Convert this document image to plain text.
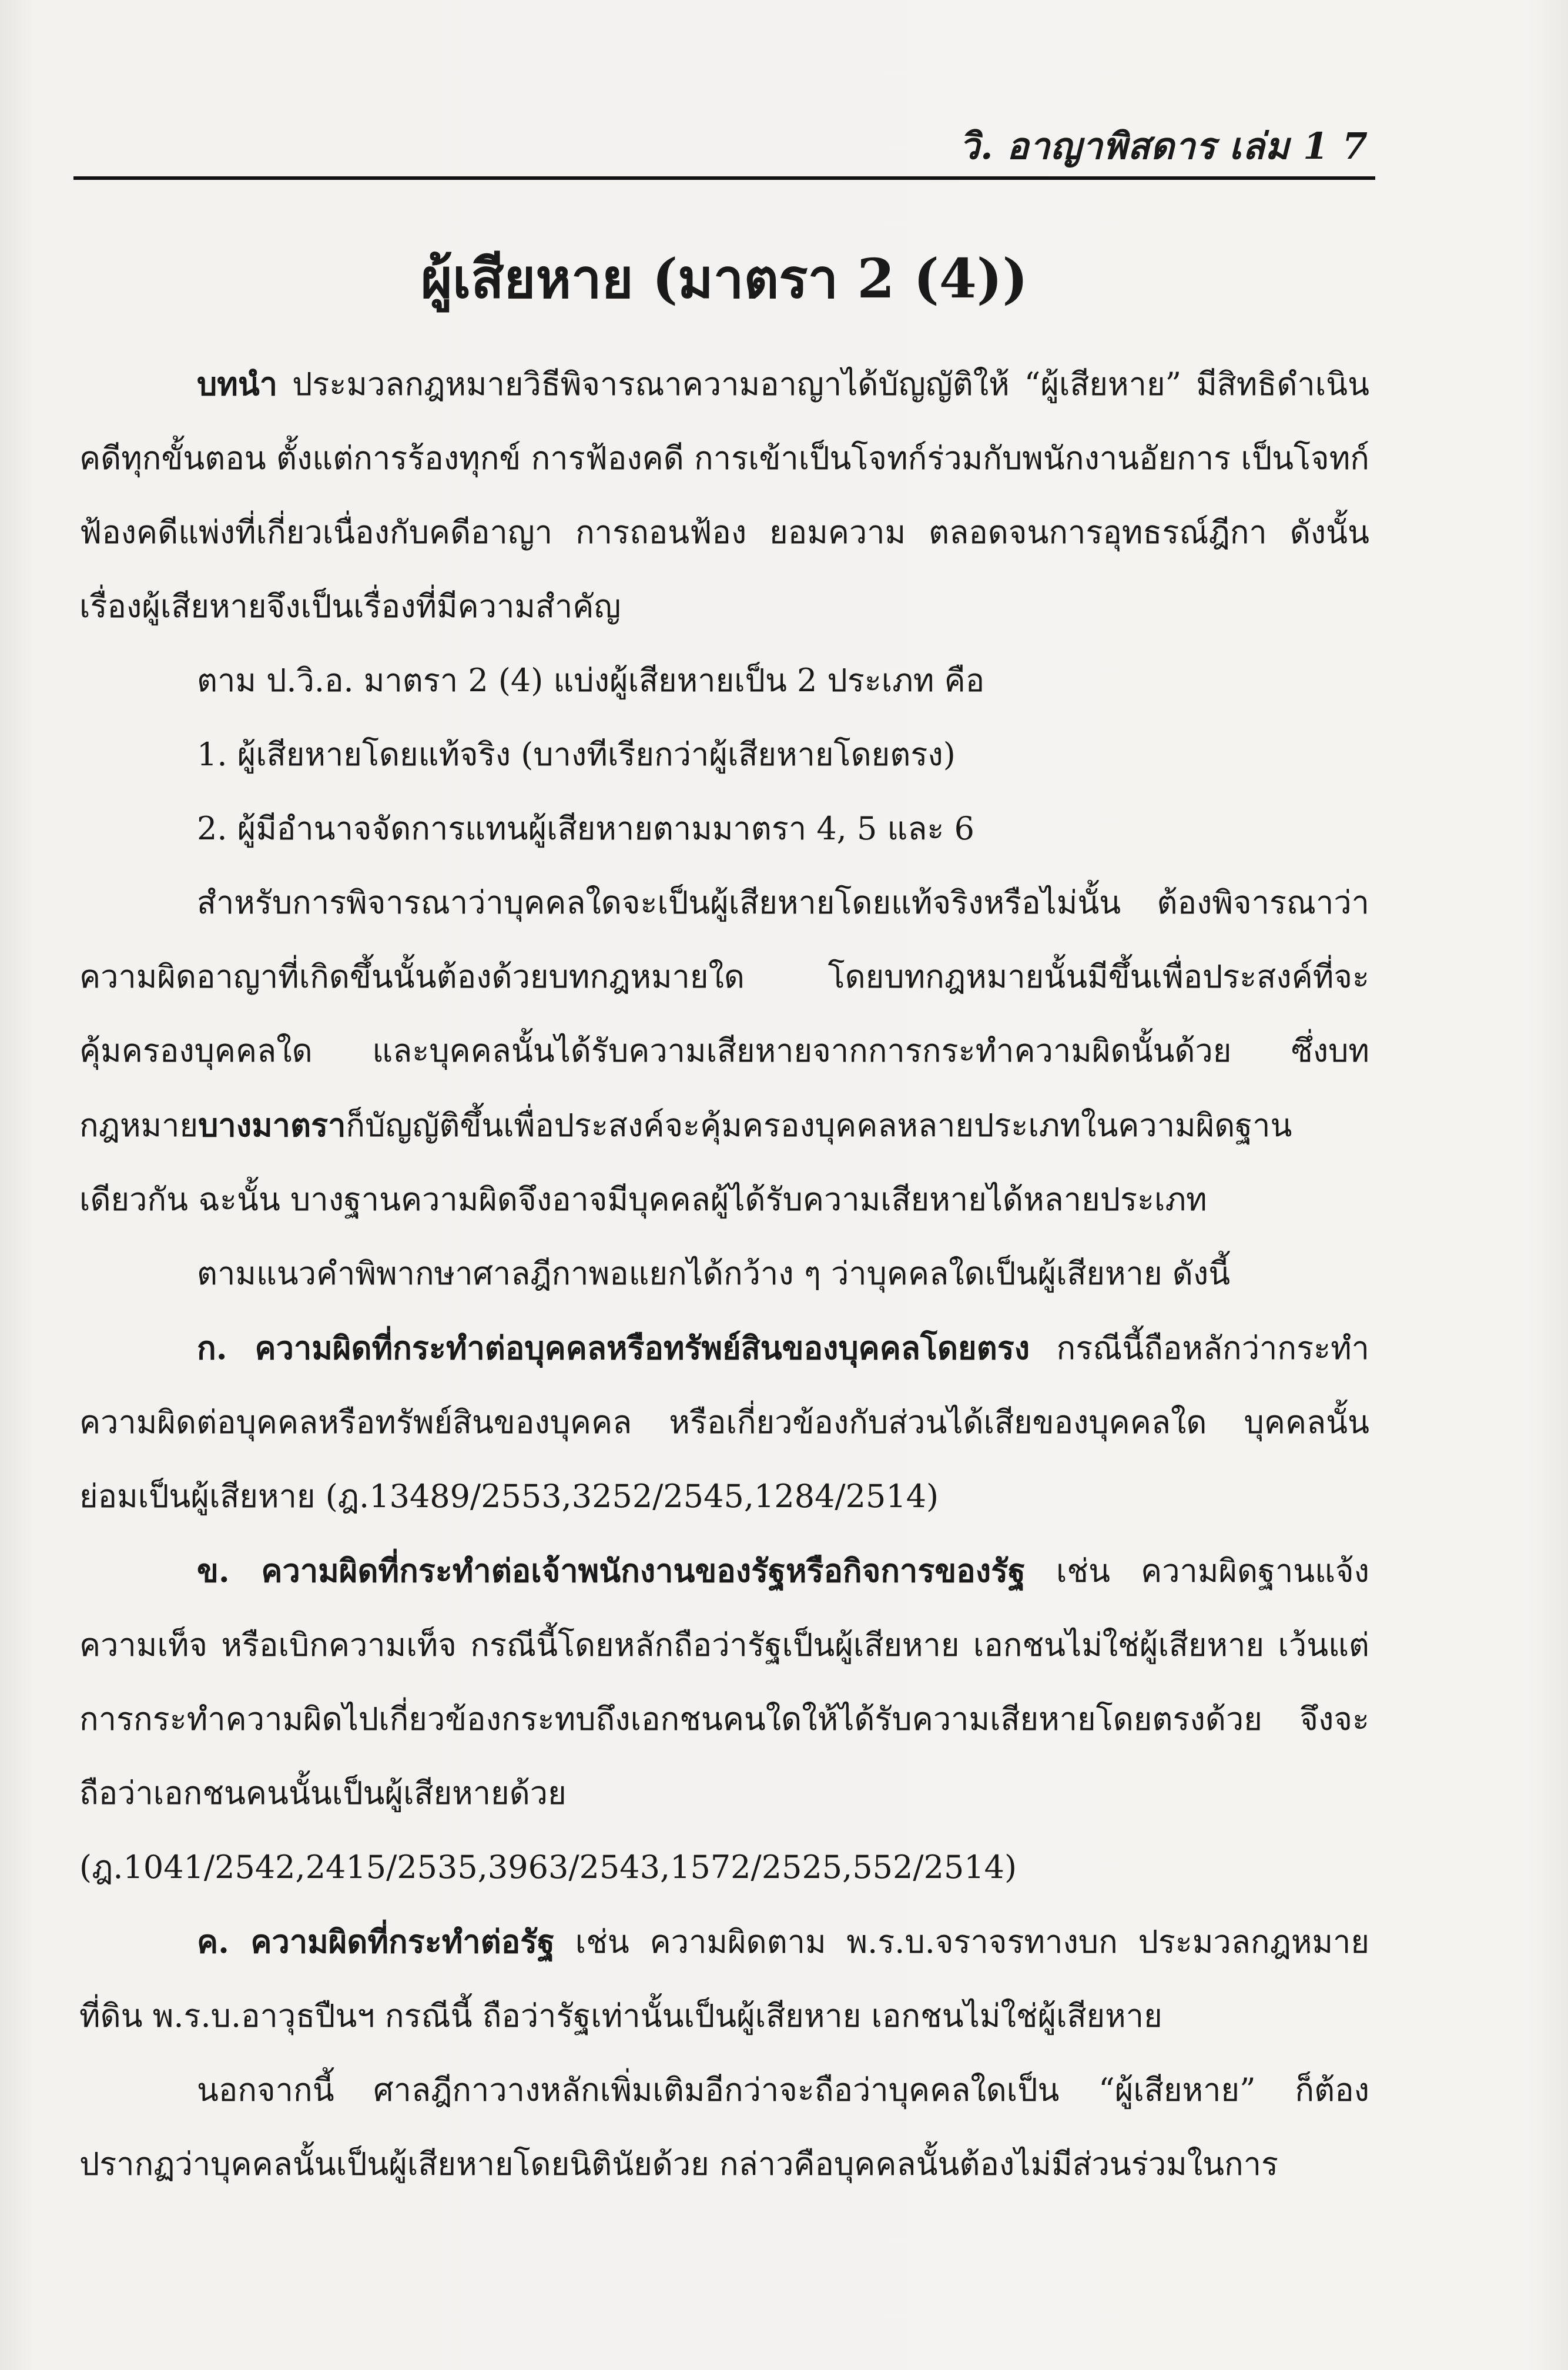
วิ. อาญาพิสดาร เล่ม 1 7
ผู้เสียหาย (มาตรา 2 (4))

บทนำ ประมวลกฎหมายวิธีพิจารณาความอาญาได้บัญญัติให้ “ผู้เสียหาย” มีสิทธิดำเนินคดีทุกขั้นตอน ตั้งแต่การร้องทุกข์ การฟ้องคดี การเข้าเป็นโจทก์ร่วมกับพนักงานอัยการ เป็นโจทก์ฟ้องคดีแพ่งที่เกี่ยวเนื่องกับคดีอาญา การถอนฟ้อง ยอมความ ตลอดจนการอุทธรณ์ฎีกา ดังนั้น เรื่องผู้เสียหายจึงเป็นเรื่องที่มีความสำคัญ

ตาม ป.วิ.อ. มาตรา 2 (4) แบ่งผู้เสียหายเป็น 2 ประเภท คือ

1. ผู้เสียหายโดยแท้จริง (บางทีเรียกว่าผู้เสียหายโดยตรง)

2. ผู้มีอำนาจจัดการแทนผู้เสียหายตามมาตรา 4, 5 และ 6

สำหรับการพิจารณาว่าบุคคลใดจะเป็นผู้เสียหายโดยแท้จริงหรือไม่นั้น ต้องพิจารณาว่าความผิดอาญาที่เกิดขึ้นนั้นต้องด้วยบทกฎหมายใด โดยบทกฎหมายนั้นมีขึ้นเพื่อประสงค์ที่จะคุ้มครองบุคคลใด และบุคคลนั้นได้รับความเสียหายจากการกระทำความผิดนั้นด้วย ซึ่งบทกฎหมายบางมาตราก็บัญญัติขึ้นเพื่อประสงค์จะคุ้มครองบุคคลหลายประเภทในความผิดฐานเดียวกัน ฉะนั้น บางฐานความผิดจึงอาจมีบุคคลผู้ได้รับความเสียหายได้หลายประเภท

ตามแนวคำพิพากษาศาลฎีกาพอแยกได้กว้าง ๆ ว่าบุคคลใดเป็นผู้เสียหาย ดังนี้

ก. ความผิดที่กระทำต่อบุคคลหรือทรัพย์สินของบุคคลโดยตรง กรณีนี้ถือหลักว่ากระทำความผิดต่อบุคคลหรือทรัพย์สินของบุคคล หรือเกี่ยวข้องกับส่วนได้เสียของบุคคลใด บุคคลนั้นย่อมเป็นผู้เสียหาย (ฎ.13489/2553,3252/2545,1284/2514)

ข. ความผิดที่กระทำต่อเจ้าพนักงานของรัฐหรือกิจการของรัฐ เช่น ความผิดฐานแจ้งความเท็จ หรือเบิกความเท็จ กรณีนี้โดยหลักถือว่ารัฐเป็นผู้เสียหาย เอกชนไม่ใช่ผู้เสียหาย เว้นแต่การกระทำความผิดไปเกี่ยวข้องกระทบถึงเอกชนคนใดให้ได้รับความเสียหายโดยตรงด้วย จึงจะถือว่าเอกชนคนนั้นเป็นผู้เสียหายด้วย (ฎ.1041/2542,2415/2535,3963/2543,1572/2525,552/2514)

ค. ความผิดที่กระทำต่อรัฐ เช่น ความผิดตาม พ.ร.บ.จราจรทางบก ประมวลกฎหมายที่ดิน พ.ร.บ.อาวุธปืนฯ กรณีนี้ ถือว่ารัฐเท่านั้นเป็นผู้เสียหาย เอกชนไม่ใช่ผู้เสียหาย

นอกจากนี้ ศาลฎีกาวางหลักเพิ่มเติมอีกว่าจะถือว่าบุคคลใดเป็น “ผู้เสียหาย” ก็ต้องปรากฏว่าบุคคลนั้นเป็นผู้เสียหายโดยนิตินัยด้วย กล่าวคือบุคคลนั้นต้องไม่มีส่วนร่วมในการ
